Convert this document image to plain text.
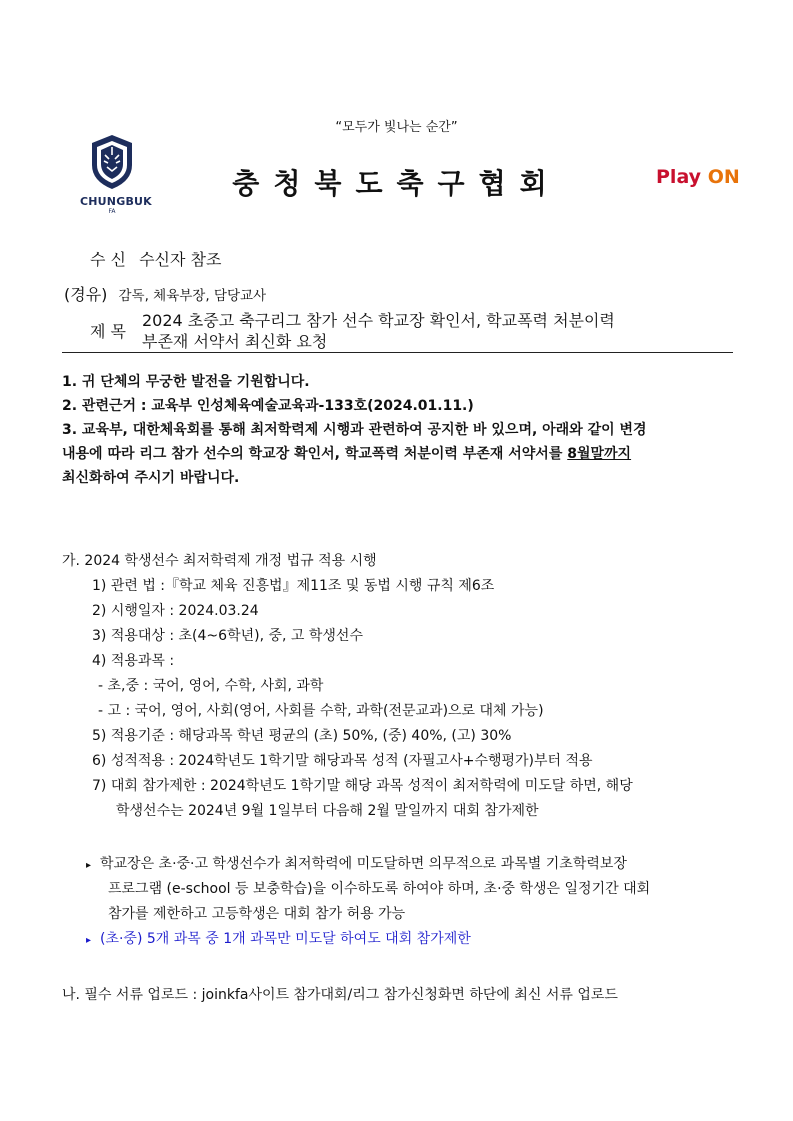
“모두가 빛나는 순간”
CHUNGBUK
FA
충청북도축구협회	Play ON
수 신 수신자 참조
(경유) 감독, 체육부장, 담당교사
제 목
2024 초중고 축구리그 참가 선수 학교장 확인서, 학교폭력 처분이력
부존재 서약서 최신화 요청
1. 귀 단체의 무궁한 발전을 기원합니다.
2. 관련근거 : 교육부 인성체육예술교육과-133호(2024.01.11.)
3. 교육부, 대한체육회를 통해 최저학력제 시행과 관련하여 공지한 바 있으며, 아래와 같이 변경
내용에 따라 리그 참가 선수의 학교장 확인서, 학교폭력 처분이력 부존재 서약서를 8월말까지
최신화하여 주시기 바랍니다.
가. 2024 학생선수 최저학력제 개정 법규 적용 시행
1) 관련 법 :『학교 체육 진흥법』제11조 및 동법 시행 규칙 제6조
2) 시행일자 : 2024.03.24
3) 적용대상 : 초(4~6학년), 중, 고 학생선수
4) 적용과목 :
- 초,중 : 국어, 영어, 수학, 사회, 과학
- 고 : 국어, 영어, 사회(영어, 사회를 수학, 과학(전문교과)으로 대체 가능)
5) 적용기준 : 해당과목 학년 평균의 (초) 50%, (중) 40%, (고) 30%
6) 성적적용 : 2024학년도 1학기말 해당과목 성적 (자필고사+수행평가)부터 적용
7) 대회 참가제한 : 2024학년도 1학기말 해당 과목 성적이 최저학력에 미도달 하면, 해당
학생선수는 2024년 9월 1일부터 다음해 2월 말일까지 대회 참가제한
▸ 학교장은 초·중·고 학생선수가 최저학력에 미도달하면 의무적으로 과목별 기초학력보장
프로그램 (e-school 등 보충학습)을 이수하도록 하여야 하며, 초·중 학생은 일정기간 대회
참가를 제한하고 고등학생은 대회 참가 허용 가능
▸ (초·중) 5개 과목 중 1개 과목만 미도달 하여도 대회 참가제한
나. 필수 서류 업로드 : joinkfa사이트 참가대회/리그 참가신청화면 하단에 최신 서류 업로드
